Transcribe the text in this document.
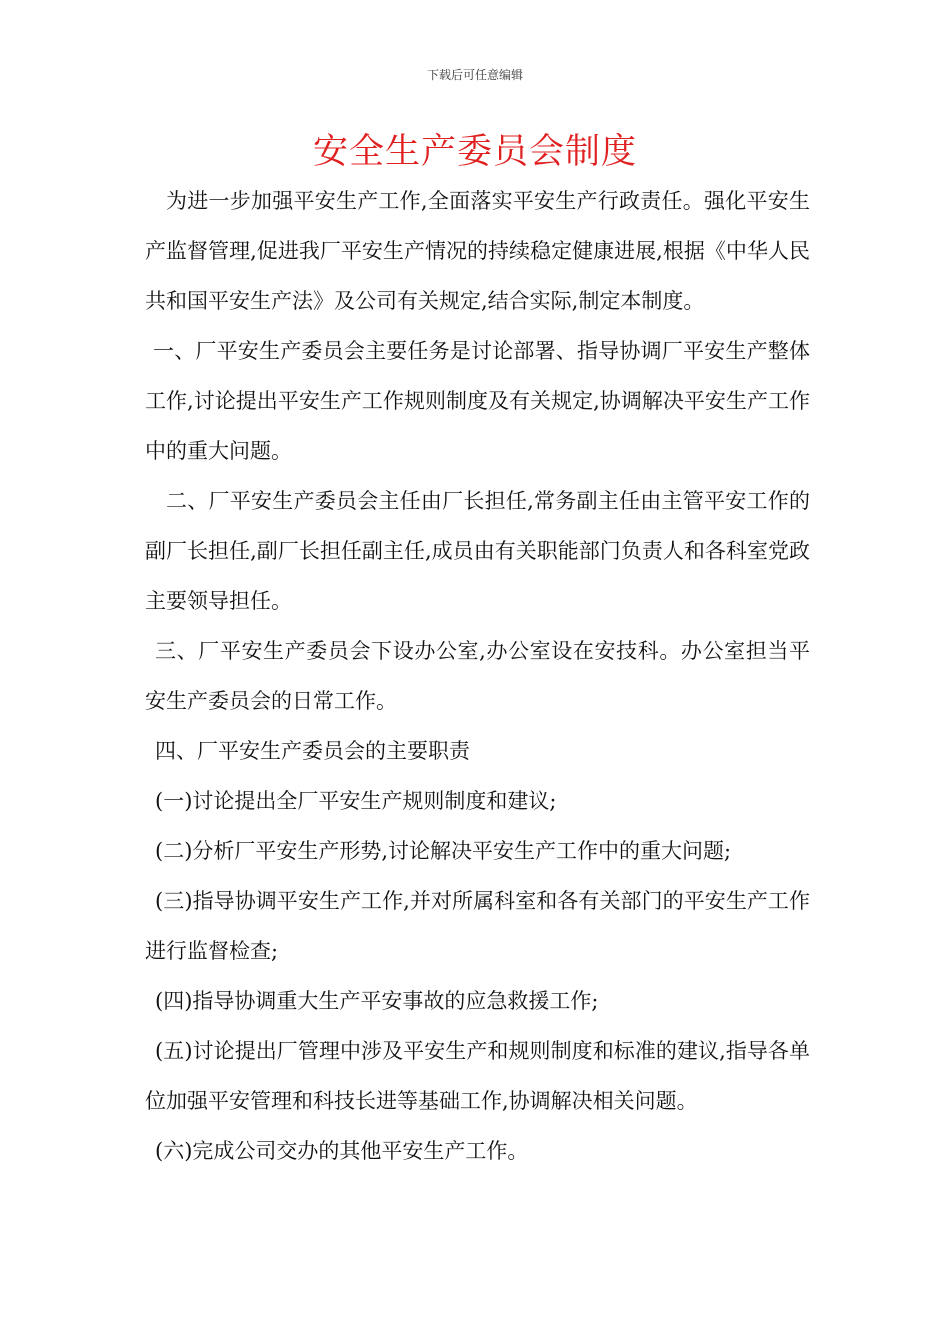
下载后可任意编辑
安全生产委员会制度

为进一步加强平安生产工作,全面落实平安生产行政责任。强化平安生产监督管理,促进我厂平安生产情况的持续稳定健康进展,根据《中华人民共和国平安生产法》及公司有关规定,结合实际,制定本制度。

一、厂平安生产委员会主要任务是讨论部署、指导协调厂平安生产整体工作,讨论提出平安生产工作规则制度及有关规定,协调解决平安生产工作中的重大问题。

二、厂平安生产委员会主任由厂长担任,常务副主任由主管平安工作的副厂长担任,副厂长担任副主任,成员由有关职能部门负责人和各科室党政主要领导担任。

三、厂平安生产委员会下设办公室,办公室设在安技科。办公室担当平安生产委员会的日常工作。

四、厂平安生产委员会的主要职责

(一)讨论提出全厂平安生产规则制度和建议;

(二)分析厂平安生产形势,讨论解决平安生产工作中的重大问题;

(三)指导协调平安生产工作,并对所属科室和各有关部门的平安生产工作进行监督检查;

(四)指导协调重大生产平安事故的应急救援工作;

(五)讨论提出厂管理中涉及平安生产和规则制度和标准的建议,指导各单位加强平安管理和科技长进等基础工作,协调解决相关问题。

(六)完成公司交办的其他平安生产工作。
